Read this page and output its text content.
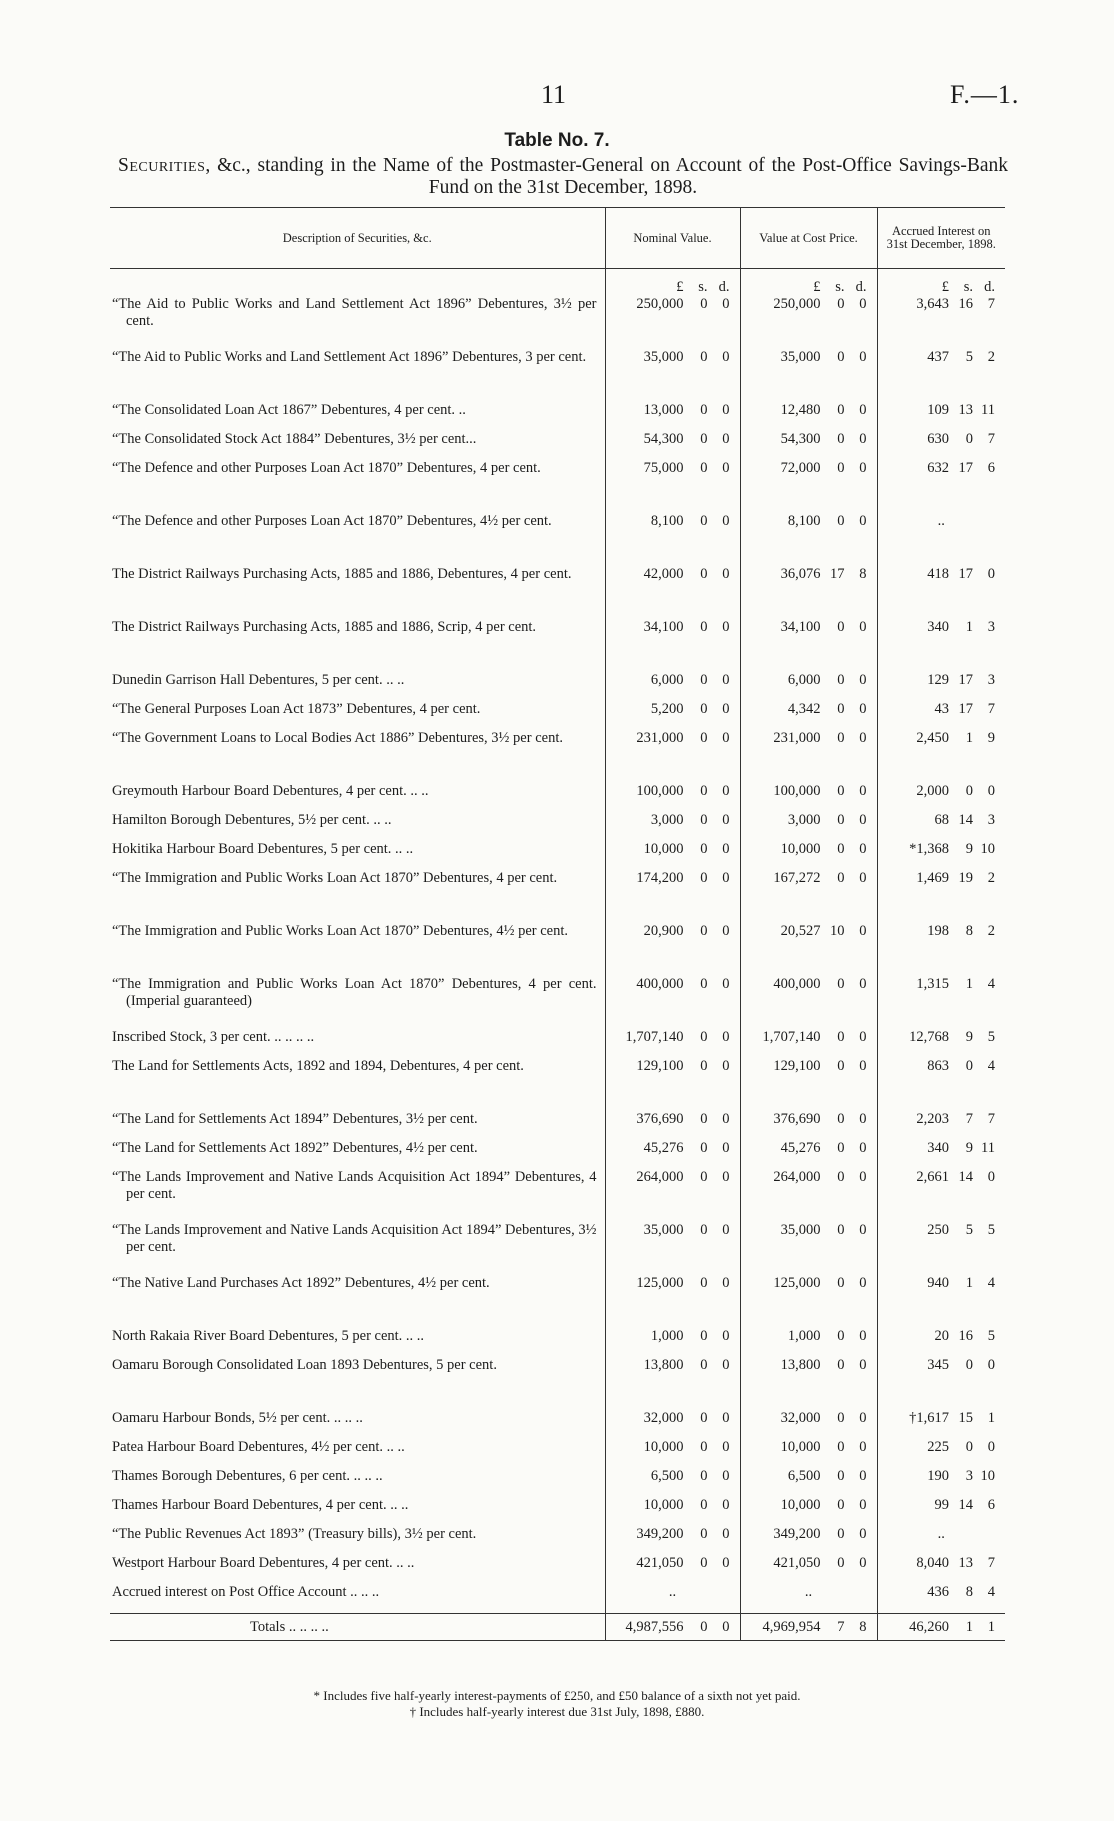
11	F.—1.
Table No. 7.
Securities, &c., standing in the Name of the Postmaster-General on Account of the Post-Office Savings-Bank Fund on the 31st December, 1898.
Description of Securities, &c.	Nominal Value.	Value at Cost Price.	Accrued Interest on 31st December, 1898.

	£ s. d.	£ s. d.	£ s. d.

“The Aid to Public Works and Land Settlement Act 1896” Debentures, 3½ per cent.	250,000 0 0	250,000 0 0	3,643 16 7

“The Aid to Public Works and Land Settlement Act 1896” Debentures, 3 per cent.	35,000 0 0	35,000 0 0	437 5 2

“The Consolidated Loan Act 1867” Debentures, 4 per cent. ..	13,000 0 0	12,480 0 0	109 13 11

“The Consolidated Stock Act 1884” Debentures, 3½ per cent...	54,300 0 0	54,300 0 0	630 0 7

“The Defence and other Purposes Loan Act 1870” Debentures, 4 per cent.	75,000 0 0	72,000 0 0	632 17 6

“The Defence and other Purposes Loan Act 1870” Debentures, 4½ per cent.	8,100 0 0	8,100 0 0	..

The District Railways Purchasing Acts, 1885 and 1886, Debentures, 4 per cent.	42,000 0 0	36,076 17 8	418 17 0

The District Railways Purchasing Acts, 1885 and 1886, Scrip, 4 per cent.	34,100 0 0	34,100 0 0	340 1 3

Dunedin Garrison Hall Debentures, 5 per cent. .. ..	6,000 0 0	6,000 0 0	129 17 3

“The General Purposes Loan Act 1873” Debentures, 4 per cent.	5,200 0 0	4,342 0 0	43 17 7

“The Government Loans to Local Bodies Act 1886” Debentures, 3½ per cent.	231,000 0 0	231,000 0 0	2,450 1 9

Greymouth Harbour Board Debentures, 4 per cent. .. ..	100,000 0 0	100,000 0 0	2,000 0 0

Hamilton Borough Debentures, 5½ per cent. .. ..	3,000 0 0	3,000 0 0	68 14 3

Hokitika Harbour Board Debentures, 5 per cent. .. ..	10,000 0 0	10,000 0 0	*1,368 9 10

“The Immigration and Public Works Loan Act 1870” Debentures, 4 per cent.	174,200 0 0	167,272 0 0	1,469 19 2

“The Immigration and Public Works Loan Act 1870” Debentures, 4½ per cent.	20,900 0 0	20,527 10 0	198 8 2

“The Immigration and Public Works Loan Act 1870” Debentures, 4 per cent. (Imperial guaranteed)	400,000 0 0	400,000 0 0	1,315 1 4

Inscribed Stock, 3 per cent. .. .. .. ..	1,707,140 0 0	1,707,140 0 0	12,768 9 5

The Land for Settlements Acts, 1892 and 1894, Debentures, 4 per cent.	129,100 0 0	129,100 0 0	863 0 4

“The Land for Settlements Act 1894” Debentures, 3½ per cent.	376,690 0 0	376,690 0 0	2,203 7 7

“The Land for Settlements Act 1892” Debentures, 4½ per cent.	45,276 0 0	45,276 0 0	340 9 11

“The Lands Improvement and Native Lands Acquisition Act 1894” Debentures, 4 per cent.	264,000 0 0	264,000 0 0	2,661 14 0

“The Lands Improvement and Native Lands Acquisition Act 1894” Debentures, 3½ per cent.	35,000 0 0	35,000 0 0	250 5 5

“The Native Land Purchases Act 1892” Debentures, 4½ per cent.	125,000 0 0	125,000 0 0	940 1 4

North Rakaia River Board Debentures, 5 per cent. .. ..	1,000 0 0	1,000 0 0	20 16 5

Oamaru Borough Consolidated Loan 1893 Debentures, 5 per cent.	13,800 0 0	13,800 0 0	345 0 0

Oamaru Harbour Bonds, 5½ per cent. .. .. ..	32,000 0 0	32,000 0 0	†1,617 15 1

Patea Harbour Board Debentures, 4½ per cent. .. ..	10,000 0 0	10,000 0 0	225 0 0

Thames Borough Debentures, 6 per cent. .. .. ..	6,500 0 0	6,500 0 0	190 3 10

Thames Harbour Board Debentures, 4 per cent. .. ..	10,000 0 0	10,000 0 0	99 14 6

“The Public Revenues Act 1893” (Treasury bills), 3½ per cent.	349,200 0 0	349,200 0 0	..

Westport Harbour Board Debentures, 4 per cent. .. ..	421,050 0 0	421,050 0 0	8,040 13 7

Accrued interest on Post Office Account .. .. ..	..	..	436 8 4

Totals .. .. .. ..	4,987,556 0 0	4,969,954 7 8	46,260 1 1
* Includes five half-yearly interest-payments of £250, and £50 balance of a sixth not yet paid.
† Includes half-yearly interest due 31st July, 1898, £880.
